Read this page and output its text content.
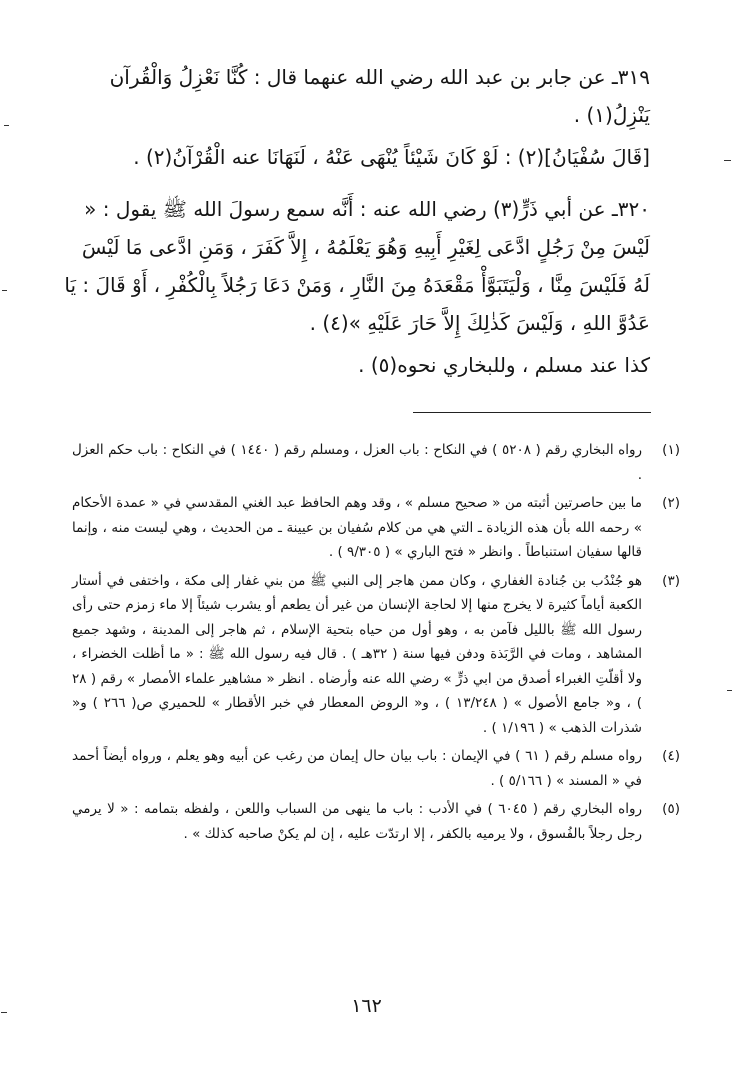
٣١٩ـ عن جابر بن عبد الله رضي الله عنهما قال : كُنَّا نَعْزِلُ وَالْقُرآن يَنْزِلُ(١) .

[قَالَ سُفْيَانُ](٢) : لَوْ كَانَ شَيْئاً يُنْهَى عَنْهُ ، لَنَهَانَا عنه الْقُرْآنُ(٢) .

٣٢٠ـ عن أبي ذَرٍّ(٣) رضي الله عنه : أَنَّه سمع رسولَ الله ﷺ يقول : « لَيْسَ مِنْ رَجُلٍ ادَّعَى لِغَيْرِ أَبِيهِ وَهُوَ يَعْلَمُهُ ، إِلاَّ كَفَرَ ، وَمَنِ ادَّعى مَا لَيْسَ لَهُ فَلَيْسَ مِنَّا ، وَلْيَتَبَوَّأْ مَقْعَدَهُ مِنَ النَّارِ ، وَمَنْ دَعَا رَجُلاً بِالْكُفْرِ ، أَوْ قَالَ : يَا عَدُوَّ اللهِ ، وَلَيْسَ كَذٰلِكَ إِلاَّ حَارَ عَلَيْهِ »(٤) .

كذا عند مسلم ، وللبخاري نحوه(٥) .

(١)
رواه البخاري رقم ( ٥٢٠٨ ) في النكاح : باب العزل ، ومسلم رقم ( ١٤٤٠ ) في النكاح : باب حكم العزل .
(٢)
ما بين حاصرتين أثبته من « صحيح مسلم » ، وقد وهم الحافظ عبد الغني المقدسي في « عمدة الأحكام » رحمه الله بأن هذه الزيادة ـ التي هي من كلام سُفيان بن عيينة ـ من الحديث ، وهي ليست منه ، وإنما قالها سفيان استنباطاً . وانظر « فتح الباري » ( ٩/٣٠٥ ) .
(٣)
هو جُنْدُب بن جُنادة الغفاري ، وكان ممن هاجر إلى النبي ﷺ من بني غفار إلى مكة ، واختفى في أستار الكعبة أياماً كثيرة لا يخرج منها إلا لحاجة الإنسان من غير أن يطعم أو يشرب شيئاً إلا ماء زمزم حتى رأى رسول الله ﷺ بالليل فآمن به ، وهو أول من حياه بتحية الإسلام ، ثم هاجر إلى المدينة ، وشهد جميع المشاهد ، ومات في الرَّبَذة ودفن فيها سنة ( ٣٢هـ ) . قال فيه رسول الله ﷺ : « ما أظلت الخضراء ، ولا أقلّتِ الغبراء أصدق من ابي ذرٍّ » رضي الله عنه وأرضاه . انظر « مشاهير علماء الأمصار » رقم ( ٢٨ ) ، و« جامع الأصول » ( ١٣/٢٤٨ ) ، و« الروض المعطار في خبر الأقطار » للحميري ص( ٢٦٦ ) و« شذرات الذهب » ( ١/١٩٦ ) .
(٤)
رواه مسلم رقم ( ٦١ ) في الإيمان : باب بيان حال إيمان من رغب عن أبيه وهو يعلم ، ورواه أيضاً أحمد في « المسند » ( ٥/١٦٦ ) .
(٥)
رواه البخاري رقم ( ٦٠٤٥ ) في الأدب : باب ما ينهى من السباب واللعن ، ولفظه بتمامه : « لا يرمي رجل رجلاً بالفُسوق ، ولا يرميه بالكفر ، إلا ارتدّت عليه ، إن لم يكنْ صاحبه كذلك » .
١٦٢
